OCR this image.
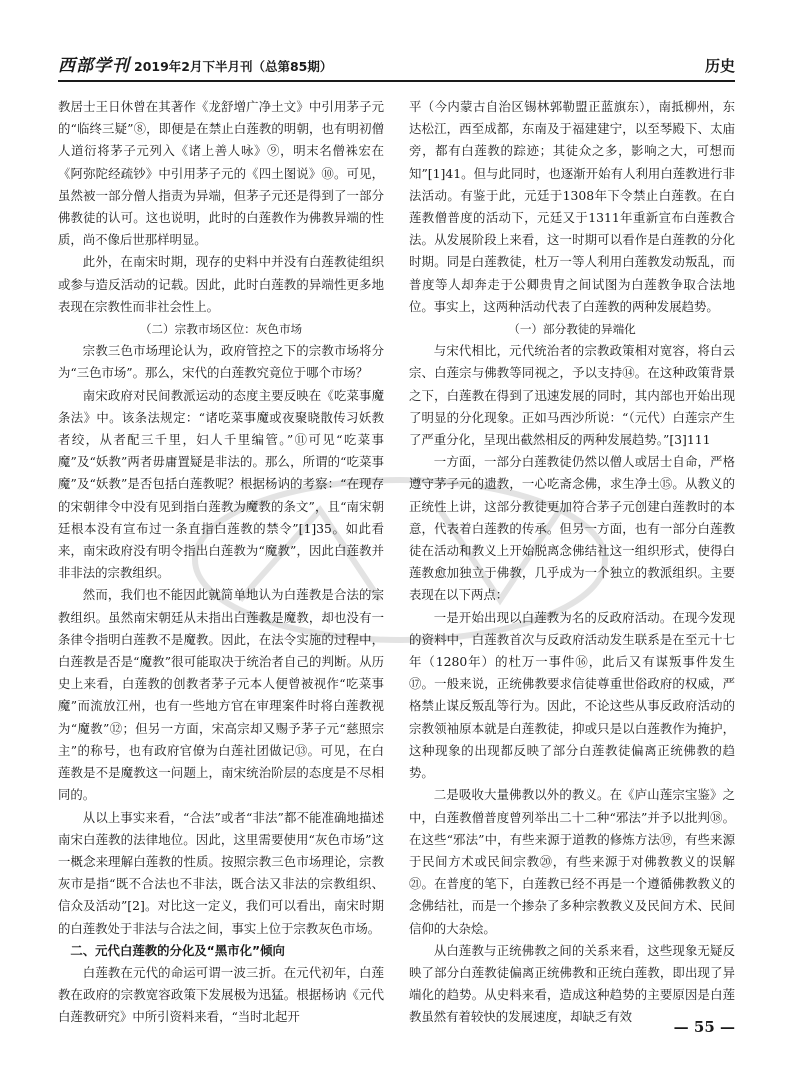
西部学刊 2019年2月下半月刊（总第85期）	历史

教居士王日休曾在其著作《龙舒增广净土文》中引用茅子元的“临终三疑”⑧，即便是在禁止白莲教的明朝，也有明初僧人道衍将茅子元列入《诸上善人咏》⑨，明末名僧袾宏在《阿弥陀经疏钞》中引用茅子元的《四土图说》⑩。可见，虽然被一部分僧人指责为异端，但茅子元还是得到了一部分佛教徒的认可。这也说明，此时的白莲教作为佛教异端的性质，尚不像后世那样明显。

此外，在南宋时期，现存的史料中并没有白莲教徒组织或参与造反活动的记载。因此，此时白莲教的异端性更多地表现在宗教性而非社会性上。

（二）宗教市场区位：灰色市场

宗教三色市场理论认为，政府管控之下的宗教市场将分为“三色市场”。那么，宋代的白莲教究竟位于哪个市场？

南宋政府对民间教派运动的态度主要反映在《吃菜事魔条法》中。该条法规定：“诸吃菜事魔或夜聚晓散传习妖教者绞，从者配三千里，妇人千里编管。”⑪可见“吃菜事魔”及“妖教”两者毋庸置疑是非法的。那么，所谓的“吃菜事魔”及“妖教”是否包括白莲教呢？根据杨讷的考察：“在现存的宋朝律令中没有见到指白莲教为魔教的条文”，且“南宋朝廷根本没有宣布过一条直指白莲教的禁令”[1]35。如此看来，南宋政府没有明令指出白莲教为“魔教”，因此白莲教并非非法的宗教组织。

然而，我们也不能因此就简单地认为白莲教是合法的宗教组织。虽然南宋朝廷从未指出白莲教是魔教，却也没有一条律令指明白莲教不是魔教。因此，在法令实施的过程中，白莲教是否是“魔教”很可能取决于统治者自己的判断。从历史上来看，白莲教的创教者茅子元本人便曾被视作“吃菜事魔”而流放江州，也有一些地方官在审理案件时将白莲教视为“魔教”⑫；但另一方面，宋高宗却又赐予茅子元“慈照宗主”的称号，也有政府官僚为白莲社团做记⑬。可见，在白莲教是不是魔教这一问题上，南宋统治阶层的态度是不尽相同的。

从以上事实来看，“合法”或者“非法”都不能准确地描述南宋白莲教的法律地位。因此，这里需要使用“灰色市场”这一概念来理解白莲教的性质。按照宗教三色市场理论，宗教灰市是指“既不合法也不非法，既合法又非法的宗教组织、信众及活动”[2]。对比这一定义，我们可以看出，南宋时期的白莲教处于非法与合法之间，事实上位于宗教灰色市场。

二、元代白莲教的分化及“黑市化”倾向

白莲教在元代的命运可谓一波三折。在元代初年，白莲教在政府的宗教宽容政策下发展极为迅猛。根据杨讷《元代白莲教研究》中所引资料来看，“当时北起开

平（今内蒙古自治区锡林郭勒盟正蓝旗东），南抵柳州，东达松江，西至成都，东南及于福建建宁，以至琴殿下、太庙旁，都有白莲教的踪迹；其徒众之多，影响之大，可想而知”[1]41。但与此同时，也逐渐开始有人利用白莲教进行非法活动。有鉴于此，元廷于1308年下令禁止白莲教。在白莲教僧普度的活动下，元廷又于1311年重新宣布白莲教合法。从发展阶段上来看，这一时期可以看作是白莲教的分化时期。同是白莲教徒，杜万一等人利用白莲教发动叛乱，而普度等人却奔走于公卿贵胄之间试图为白莲教争取合法地位。事实上，这两种活动代表了白莲教的两种发展趋势。

（一）部分教徒的异端化

与宋代相比，元代统治者的宗教政策相对宽容，将白云宗、白莲宗与佛教等同视之，予以支持⑭。在这种政策背景之下，白莲教在得到了迅速发展的同时，其内部也开始出现了明显的分化现象。正如马西沙所说：“（元代）白莲宗产生了严重分化，呈现出截然相反的两种发展趋势。”[3]111

一方面，一部分白莲教徒仍然以僧人或居士自命，严格遵守茅子元的遗教，一心吃斋念佛，求生净土⑮。从教义的正统性上讲，这部分教徒更加符合茅子元创建白莲教时的本意，代表着白莲教的传承。但另一方面，也有一部分白莲教徒在活动和教义上开始脱离念佛结社这一组织形式，使得白莲教愈加独立于佛教，几乎成为一个独立的教派组织。主要表现在以下两点：

一是开始出现以白莲教为名的反政府活动。在现今发现的资料中，白莲教首次与反政府活动发生联系是在至元十七年（1280年）的杜万一事件⑯，此后又有谋叛事件发生⑰。一般来说，正统佛教要求信徒尊重世俗政府的权威，严格禁止谋反叛乱等行为。因此，不论这些从事反政府活动的宗教领袖原本就是白莲教徒，抑或只是以白莲教作为掩护，这种现象的出现都反映了部分白莲教徒偏离正统佛教的趋势。

二是吸收大量佛教以外的教义。在《庐山莲宗宝鉴》之中，白莲教僧普度曾列举出二十二种“邪法”并予以批判⑱。在这些“邪法”中，有些来源于道教的修炼方法⑲，有些来源于民间方术或民间宗教⑳，有些来源于对佛教教义的误解㉑。在普度的笔下，白莲教已经不再是一个遵循佛教教义的念佛结社，而是一个掺杂了多种宗教教义及民间方术、民间信仰的大杂烩。

从白莲教与正统佛教之间的关系来看，这些现象无疑反映了部分白莲教徒偏离正统佛教和正统白莲教，即出现了异端化的趋势。从史料来看，造成这种趋势的主要原因是白莲教虽然有着较快的发展速度，却缺乏有效

— 55 —
